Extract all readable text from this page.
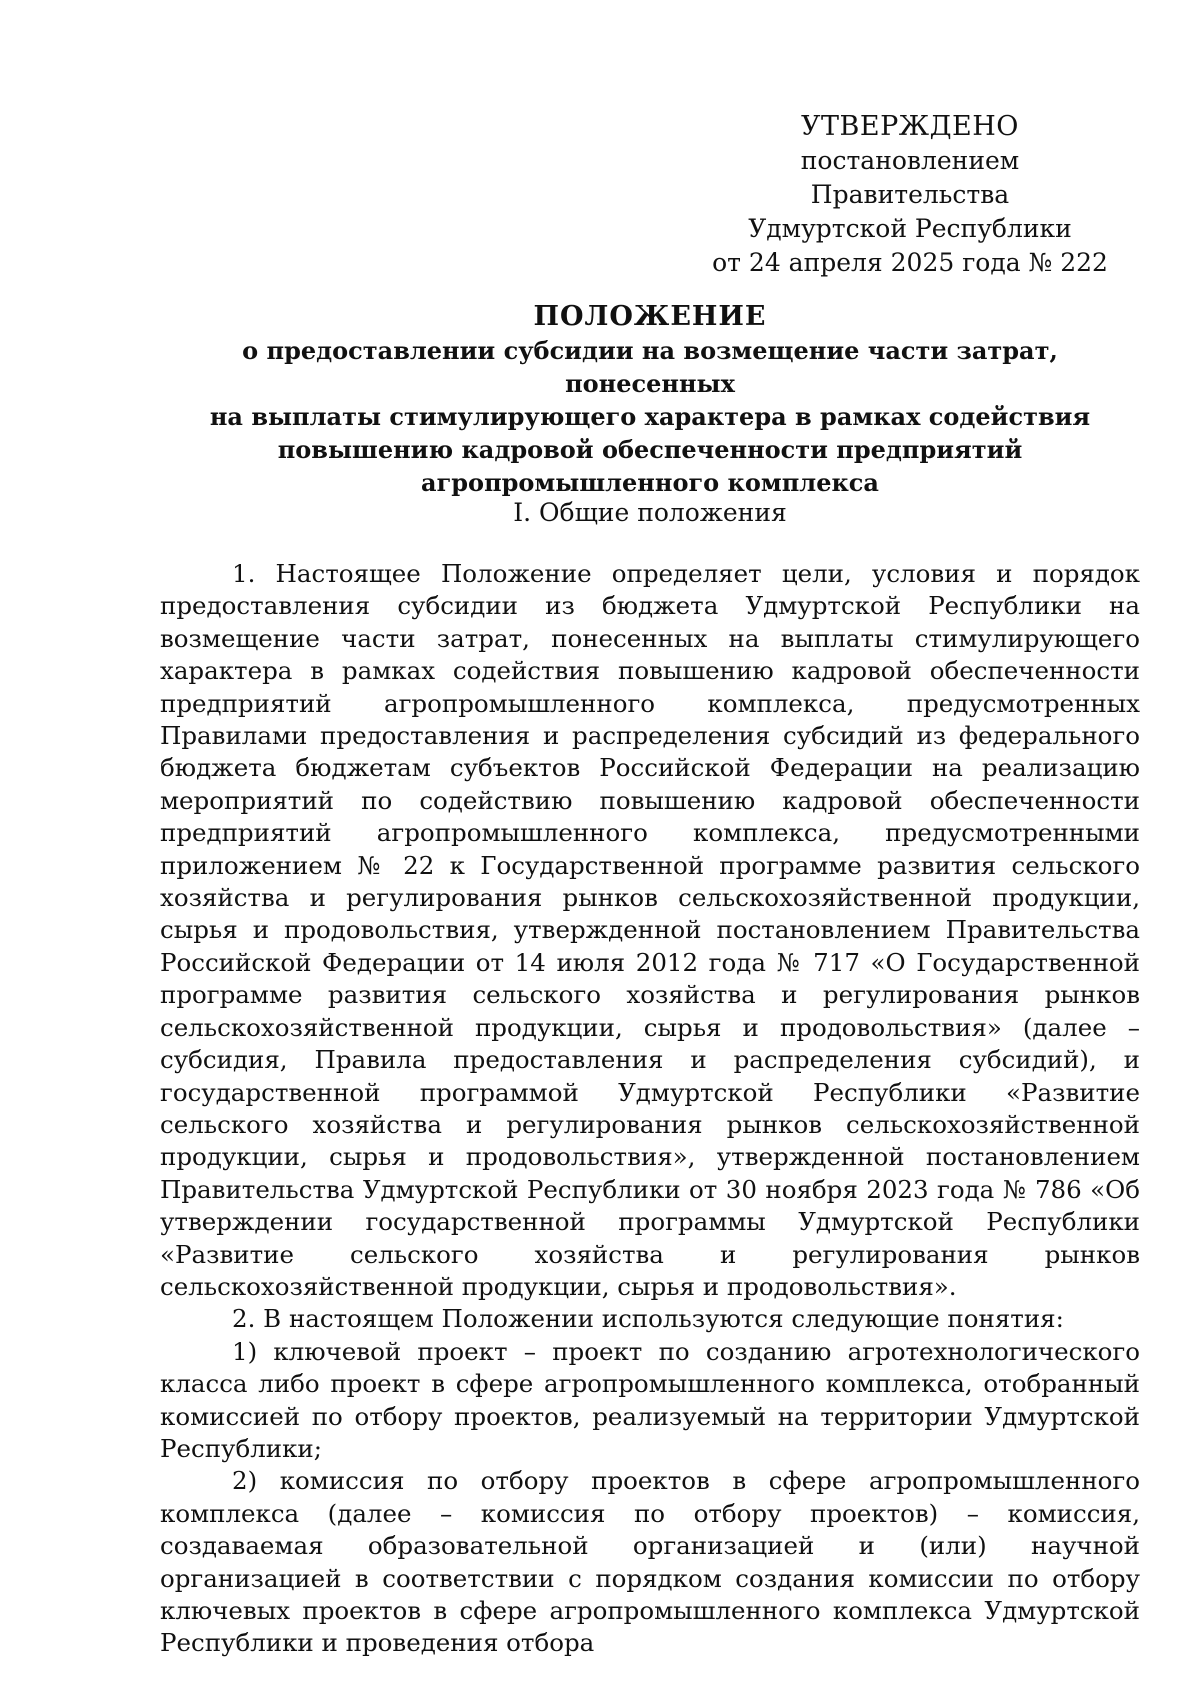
УТВЕРЖДЕНО
постановлением Правительства
Удмуртской Республики
от 24 апреля 2025 года № 222
ПОЛОЖЕНИЕ
о предоставлении субсидии на возмещение части затрат, понесенных
на выплаты стимулирующего характера в рамках содействия
повышению кадровой обеспеченности предприятий
агропромышленного комплекса
I. Общие положения

1. Настоящее Положение определяет цели, условия и порядок предоставления субсидии из бюджета Удмуртской Республики на возмещение части затрат, понесенных на выплаты стимулирующего характера в рамках содействия повышению кадровой обеспеченности предприятий агропромышленного комплекса, предусмотренных Правилами предоставления и распределения субсидий из федерального бюджета бюджетам субъектов Российской Федерации на реализацию мероприятий по содействию повышению кадровой обеспеченности предприятий агропромышленного комплекса, предусмотренными приложением № 22 к Государственной программе развития сельского хозяйства и регулирования рынков сельскохозяйственной продукции, сырья и продовольствия, утвержденной постановлением Правительства Российской Федерации от 14 июля 2012 года № 717 «О Государственной программе развития сельского хозяйства и регулирования рынков сельскохозяйственной продукции, сырья и продовольствия» (далее – субсидия, Правила предоставления и распределения субсидий), и государственной программой Удмуртской Республики «Развитие сельского хозяйства и регулирования рынков сельскохозяйственной продукции, сырья и продовольствия», утвержденной постановлением Правительства Удмуртской Республики от 30 ноября 2023 года № 786 «Об утверждении государственной программы Удмуртской Республики «Развитие сельского хозяйства и регулирования рынков сельскохозяйственной продукции, сырья и продовольствия».

2. В настоящем Положении используются следующие понятия:

1) ключевой проект – проект по созданию агротехнологического класса либо проект в сфере агропромышленного комплекса, отобранный комиссией по отбору проектов, реализуемый на территории Удмуртской Республики;

2) комиссия по отбору проектов в сфере агропромышленного комплекса (далее – комиссия по отбору проектов) – комиссия, создаваемая образовательной организацией и (или) научной организацией в соответствии с порядком создания комиссии по отбору ключевых проектов в сфере агропромышленного комплекса Удмуртской Республики и проведения отбора
